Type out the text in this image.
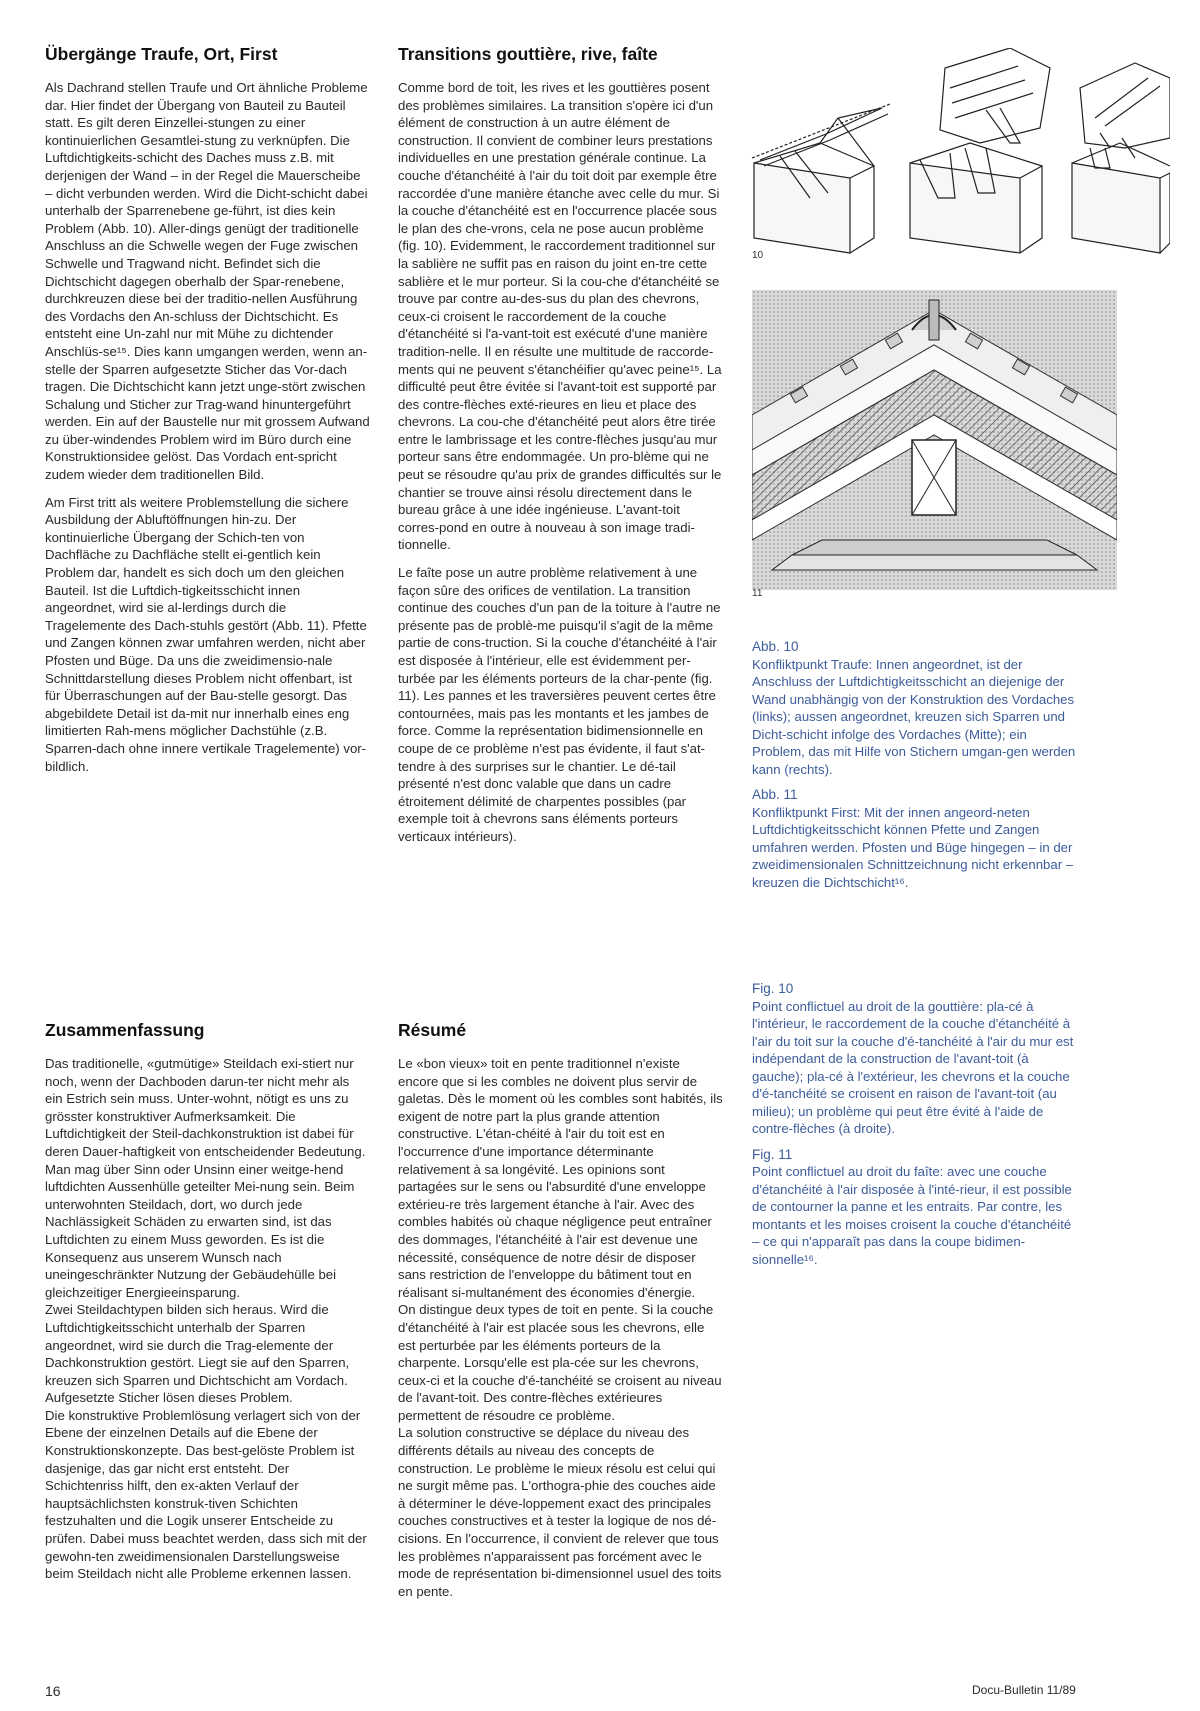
Übergänge Traufe, Ort, First

Als Dachrand stellen Traufe und Ort ähnliche Probleme dar. Hier findet der Übergang von Bauteil zu Bauteil statt. Es gilt deren Einzellei-stungen zu einer kontinuierlichen Gesamtlei-stung zu verknüpfen. Die Luftdichtigkeits-schicht des Daches muss z.B. mit derjenigen der Wand – in der Regel die Mauerscheibe – dicht verbunden werden. Wird die Dicht-schicht dabei unterhalb der Sparrenebene ge-führt, ist dies kein Problem (Abb. 10). Aller-dings genügt der traditionelle Anschluss an die Schwelle wegen der Fuge zwischen Schwelle und Tragwand nicht. Befindet sich die Dichtschicht dagegen oberhalb der Spar-renebene, durchkreuzen diese bei der traditio-nellen Ausführung des Vordachs den An-schluss der Dichtschicht. Es entsteht eine Un-zahl nur mit Mühe zu dichtender Anschlüs-se¹⁵. Dies kann umgangen werden, wenn an-stelle der Sparren aufgesetzte Sticher das Vor-dach tragen. Die Dichtschicht kann jetzt unge-stört zwischen Schalung und Sticher zur Trag-wand hinuntergeführt werden. Ein auf der Baustelle nur mit grossem Aufwand zu über-windendes Problem wird im Büro durch eine Konstruktionsidee gelöst. Das Vordach ent-spricht zudem wieder dem traditionellen Bild.

Am First tritt als weitere Problemstellung die sichere Ausbildung der Abluftöffnungen hin-zu. Der kontinuierliche Übergang der Schich-ten von Dachfläche zu Dachfläche stellt ei-gentlich kein Problem dar, handelt es sich doch um den gleichen Bauteil. Ist die Luftdich-tigkeitsschicht innen angeordnet, wird sie al-lerdings durch die Tragelemente des Dach-stuhls gestört (Abb. 11). Pfette und Zangen können zwar umfahren werden, nicht aber Pfosten und Büge. Da uns die zweidimensio-nale Schnittdarstellung dieses Problem nicht offenbart, ist für Überraschungen auf der Bau-stelle gesorgt. Das abgebildete Detail ist da-mit nur innerhalb eines eng limitierten Rah-mens möglicher Dachstühle (z.B. Sparren-dach ohne innere vertikale Tragelemente) vor-bildlich.

Zusammenfassung

Das traditionelle, «gutmütige» Steildach exi-stiert nur noch, wenn der Dachboden darun-ter nicht mehr als ein Estrich sein muss. Unter-wohnt, nötigt es uns zu grösster konstruktiver Aufmerksamkeit. Die Luftdichtigkeit der Steil-dachkonstruktion ist dabei für deren Dauer-haftigkeit von entscheidender Bedeutung. Man mag über Sinn oder Unsinn einer weitge-hend luftdichten Aussenhülle geteilter Mei-nung sein. Beim unterwohnten Steildach, dort, wo durch jede Nachlässigkeit Schäden zu erwarten sind, ist das Luftdichten zu einem Muss geworden. Es ist die Konsequenz aus unserem Wunsch nach uneingeschränkter Nutzung der Gebäudehülle bei gleichzeitiger Energieeinsparung.
Zwei Steildachtypen bilden sich heraus. Wird die Luftdichtigkeitsschicht unterhalb der Sparren angeordnet, wird sie durch die Trag-elemente der Dachkonstruktion gestört. Liegt sie auf den Sparren, kreuzen sich Sparren und Dichtschicht am Vordach. Aufgesetzte Sticher lösen dieses Problem.
Die konstruktive Problemlösung verlagert sich von der Ebene der einzelnen Details auf die Ebene der Konstruktionskonzepte. Das best-gelöste Problem ist dasjenige, das gar nicht erst entsteht. Der Schichtenriss hilft, den ex-akten Verlauf der hauptsächlichsten konstruk-tiven Schichten festzuhalten und die Logik unserer Entscheide zu prüfen. Dabei muss beachtet werden, dass sich mit der gewohn-ten zweidimensionalen Darstellungsweise beim Steildach nicht alle Probleme erkennen lassen.

Transitions gouttière, rive, faîte

Comme bord de toit, les rives et les gouttières posent des problèmes similaires. La transition s'opère ici d'un élément de construction à un autre élément de construction. Il convient de combiner leurs prestations individuelles en une prestation générale continue. La couche d'étanchéité à l'air du toit doit par exemple être raccordée d'une manière étanche avec celle du mur. Si la couche d'étanchéité est en l'occurrence placée sous le plan des che-vrons, cela ne pose aucun problème (fig. 10). Evidemment, le raccordement traditionnel sur la sablière ne suffit pas en raison du joint en-tre cette sablière et le mur porteur. Si la cou-che d'étanchéité se trouve par contre au-des-sus du plan des chevrons, ceux-ci croisent le raccordement de la couche d'étanchéité si l'a-vant-toit est exécuté d'une manière tradition-nelle. Il en résulte une multitude de raccorde-ments qui ne peuvent s'étanchéifier qu'avec peine¹⁵. La difficulté peut être évitée si l'avant-toit est supporté par des contre-flèches exté-rieures en lieu et place des chevrons. La cou-che d'étanchéité peut alors être tirée entre le lambrissage et les contre-flèches jusqu'au mur porteur sans être endommagée. Un pro-blème qui ne peut se résoudre qu'au prix de grandes difficultés sur le chantier se trouve ainsi résolu directement dans le bureau grâce à une idée ingénieuse. L'avant-toit corres-pond en outre à nouveau à son image tradi-tionnelle.

Le faîte pose un autre problème relativement à une façon sûre des orifices de ventilation. La transition continue des couches d'un pan de la toiture à l'autre ne présente pas de problè-me puisqu'il s'agit de la même partie de cons-truction. Si la couche d'étanchéité à l'air est disposée à l'intérieur, elle est évidemment per-turbée par les éléments porteurs de la char-pente (fig. 11). Les pannes et les traversières peuvent certes être contournées, mais pas les montants et les jambes de force. Comme la représentation bidimensionnelle en coupe de ce problème n'est pas évidente, il faut s'at-tendre à des surprises sur le chantier. Le dé-tail présenté n'est donc valable que dans un cadre étroitement délimité de charpentes possibles (par exemple toit à chevrons sans éléments porteurs verticaux intérieurs).

Résumé

Le «bon vieux» toit en pente traditionnel n'existe encore que si les combles ne doivent plus servir de galetas. Dès le moment où les combles sont habités, ils exigent de notre part la plus grande attention constructive. L'étan-chéité à l'air du toit est en l'occurrence d'une importance déterminante relativement à sa longévité. Les opinions sont partagées sur le sens ou l'absurdité d'une enveloppe extérieu-re très largement étanche à l'air. Avec des combles habités où chaque négligence peut entraîner des dommages, l'étanchéité à l'air est devenue une nécessité, conséquence de notre désir de disposer sans restriction de l'enveloppe du bâtiment tout en réalisant si-multanément des économies d'énergie.
On distingue deux types de toit en pente. Si la couche d'étanchéité à l'air est placée sous les chevrons, elle est perturbée par les éléments porteurs de la charpente. Lorsqu'elle est pla-cée sur les chevrons, ceux-ci et la couche d'é-tanchéité se croisent au niveau de l'avant-toit. Des contre-flèches extérieures permettent de résoudre ce problème.
La solution constructive se déplace du niveau des différents détails au niveau des concepts de construction. Le problème le mieux résolu est celui qui ne surgit même pas. L'orthogra-phie des couches aide à déterminer le déve-loppement exact des principales couches constructives et à tester la logique de nos dé-cisions. En l'occurrence, il convient de relever que tous les problèmes n'apparaissent pas forcément avec le mode de représentation bi-dimensionnel usuel des toits en pente.

10
11

Abb. 10

Konfliktpunkt Traufe: Innen angeordnet, ist der Anschluss der Luftdichtigkeitsschicht an diejenige der Wand unabhängig von der Konstruktion des Vordaches (links); aussen angeordnet, kreuzen sich Sparren und Dicht-schicht infolge des Vordaches (Mitte); ein Problem, das mit Hilfe von Stichern umgan-gen werden kann (rechts).

Abb. 11

Konfliktpunkt First: Mit der innen angeord-neten Luftdichtigkeitsschicht können Pfette und Zangen umfahren werden. Pfosten und Büge hingegen – in der zweidimensionalen Schnittzeichnung nicht erkennbar – kreuzen die Dichtschicht¹⁶.

Fig. 10

Point conflictuel au droit de la gouttière: pla-cé à l'intérieur, le raccordement de la couche d'étanchéité à l'air du toit sur la couche d'é-tanchéité à l'air du mur est indépendant de la construction de l'avant-toit (à gauche); pla-cé à l'extérieur, les chevrons et la couche d'é-tanchéité se croisent en raison de l'avant-toit (au milieu); un problème qui peut être évité à l'aide de contre-flèches (à droite).

Fig. 11

Point conflictuel au droit du faîte: avec une couche d'étanchéité à l'air disposée à l'inté-rieur, il est possible de contourner la panne et les entraits. Par contre, les montants et les moises croisent la couche d'étanchéité – ce qui n'apparaît pas dans la coupe bidimen-sionnelle¹⁶.

16	Docu-Bulletin 11/89
